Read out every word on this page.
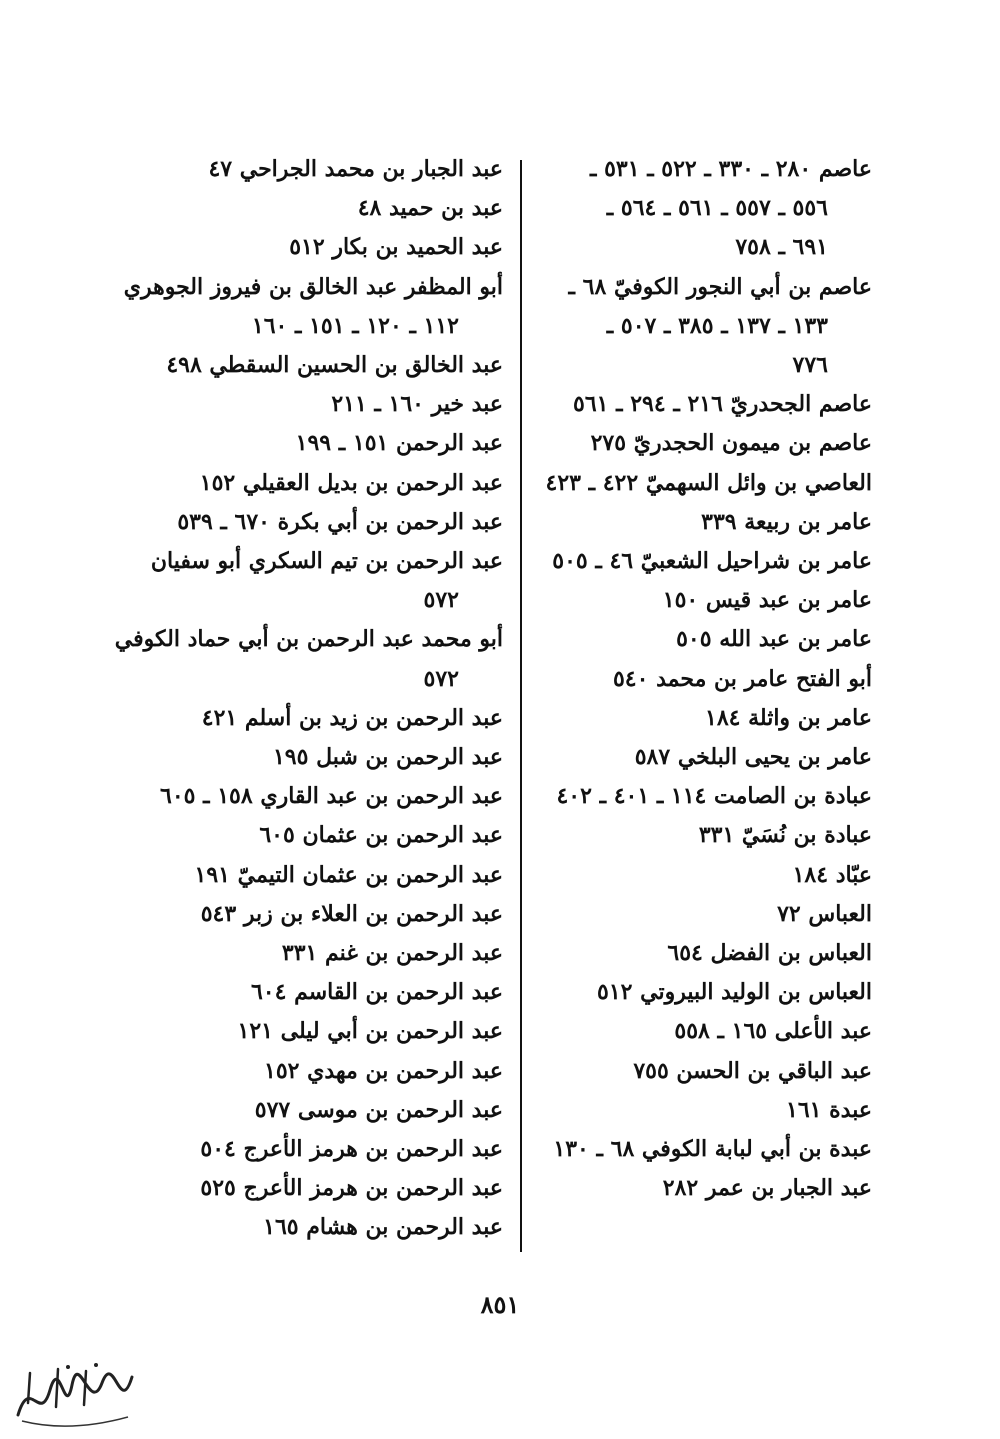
عاصم ٢٨٠ ـ ٣٣٠ ـ ٥٢٢ ـ ٥٣١ ـ
٥٥٦ ـ ٥٥٧ ـ ٥٦١ ـ ٥٦٤ ـ
٦٩١ ـ ٧٥٨
عاصم بن أبي النجور الكوفيّ ٦٨ ـ
١٣٣ ـ ١٣٧ ـ ٣٨٥ ـ ٥٠٧ ـ
٧٧٦
عاصم الجحدريّ ٢١٦ ـ ٢٩٤ ـ ٥٦١
عاصم بن ميمون الحجدريّ ٢٧٥
العاصي بن وائل السهميّ ٤٢٢ ـ ٤٢٣
عامر بن ربيعة ٣٣٩
عامر بن شراحيل الشعبيّ ٤٦ ـ ٥٠٥
عامر بن عبد قيس ١٥٠
عامر بن عبد الله ٥٠٥
أبو الفتح عامر بن محمد ٥٤٠
عامر بن واثلة ١٨٤
عامر بن يحيى البلخي ٥٨٧
عبادة بن الصامت ١١٤ ـ ٤٠١ ـ ٤٠٢
عبادة بن نُسَيّ ٣٣١
عبّاد ١٨٤
العباس ٧٢
العباس بن الفضل ٦٥٤
العباس بن الوليد البيروتي ٥١٢
عبد الأعلى ١٦٥ ـ ٥٥٨
عبد الباقي بن الحسن ٧٥٥
عبدة ١٦١
عبدة بن أبي لبابة الكوفي ٦٨ ـ ١٣٠
عبد الجبار بن عمر ٢٨٢
عبد الجبار بن محمد الجراحي ٤٧
عبد بن حميد ٤٨
عبد الحميد بن بكار ٥١٢
أبو المظفر عبد الخالق بن فيروز الجوهري
١١٢ ـ ١٢٠ ـ ١٥١ ـ ١٦٠
عبد الخالق بن الحسين السقطي ٤٩٨
عبد خير ١٦٠ ـ ٢١١
عبد الرحمن ١٥١ ـ ١٩٩
عبد الرحمن بن بديل العقيلي ١٥٢
عبد الرحمن بن أبي بكرة ٦٧٠ ـ ٥٣٩
عبد الرحمن بن تيم السكري أبو سفيان
٥٧٢
أبو محمد عبد الرحمن بن أبي حماد الكوفي
٥٧٢
عبد الرحمن بن زيد بن أسلم ٤٢١
عبد الرحمن بن شبل ١٩٥
عبد الرحمن بن عبد القاري ١٥٨ ـ ٦٠٥
عبد الرحمن بن عثمان ٦٠٥
عبد الرحمن بن عثمان التيميّ ١٩١
عبد الرحمن بن العلاء بن زبر ٥٤٣
عبد الرحمن بن غنم ٣٣١
عبد الرحمن بن القاسم ٦٠٤
عبد الرحمن بن أبي ليلى ١٢١
عبد الرحمن بن مهدي ١٥٢
عبد الرحمن بن موسى ٥٧٧
عبد الرحمن بن هرمز الأعرج ٥٠٤
عبد الرحمن بن هرمز الأعرج ٥٢٥
عبد الرحمن بن هشام ١٦٥
٨٥١
